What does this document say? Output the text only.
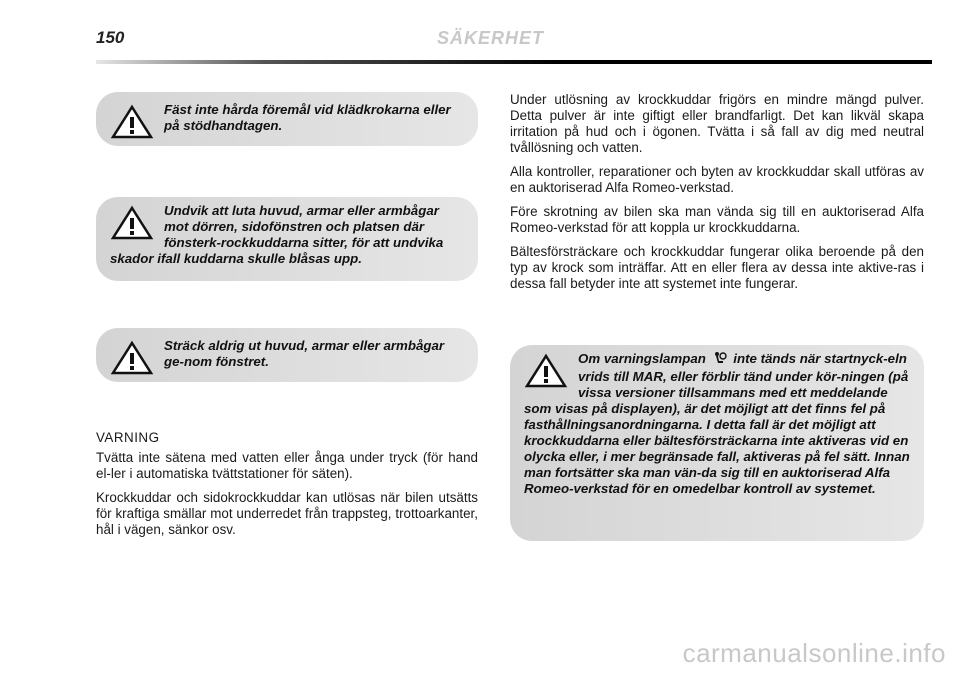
150	SÄKERHET
Fäst inte hårda föremål vid klädkrokarna eller på stödhandtagen.
Undvik att luta huvud, armar eller armbågar mot dörren, sidofönstren och platsen där fönsterk-rockkuddarna sitter, för att undvika skador ifall kuddarna skulle blåsas upp.
Sträck aldrig ut huvud, armar eller armbågar ge-nom fönstret.
VARNING

Tvätta inte sätena med vatten eller ånga under tryck (för hand el-ler i automatiska tvättstationer för säten).

Krockkuddar och sidokrockkuddar kan utlösas när bilen utsätts för kraftiga smällar mot underredet från trappsteg, trottoarkanter, hål i vägen, sänkor osv.

Under utlösning av krockkuddar frigörs en mindre mängd pulver. Detta pulver är inte giftigt eller brandfarligt. Det kan likväl skapa irritation på hud och i ögonen. Tvätta i så fall av dig med neutral tvållösning och vatten.

Alla kontroller, reparationer och byten av krockkuddar skall utföras av en auktoriserad Alfa Romeo-verkstad.

Före skrotning av bilen ska man vända sig till en auktoriserad Alfa Romeo-verkstad för att koppla ur krockkuddarna.

Bältesförsträckare och krockkuddar fungerar olika beroende på den typ av krock som inträffar. Att en eller flera av dessa inte aktive-ras i dessa fall betyder inte att systemet inte fungerar.

Om varningslampan inte tänds när startnyck-eln vrids till MAR, eller förblir tänd under kör-ningen (på vissa versioner tillsammans med ett meddelande som visas på displayen), är det möjligt att det finns fel på fasthållningsanordningarna. I detta fall är det möjligt att krockkuddarna eller bältesförsträckarna inte aktiveras vid en olycka eller, i mer begränsade fall, aktiveras på fel sätt. Innan man fortsätter ska man vän-da sig till en auktoriserad Alfa Romeo-verkstad för en omedelbar kontroll av systemet.
carmanualsonline.info
